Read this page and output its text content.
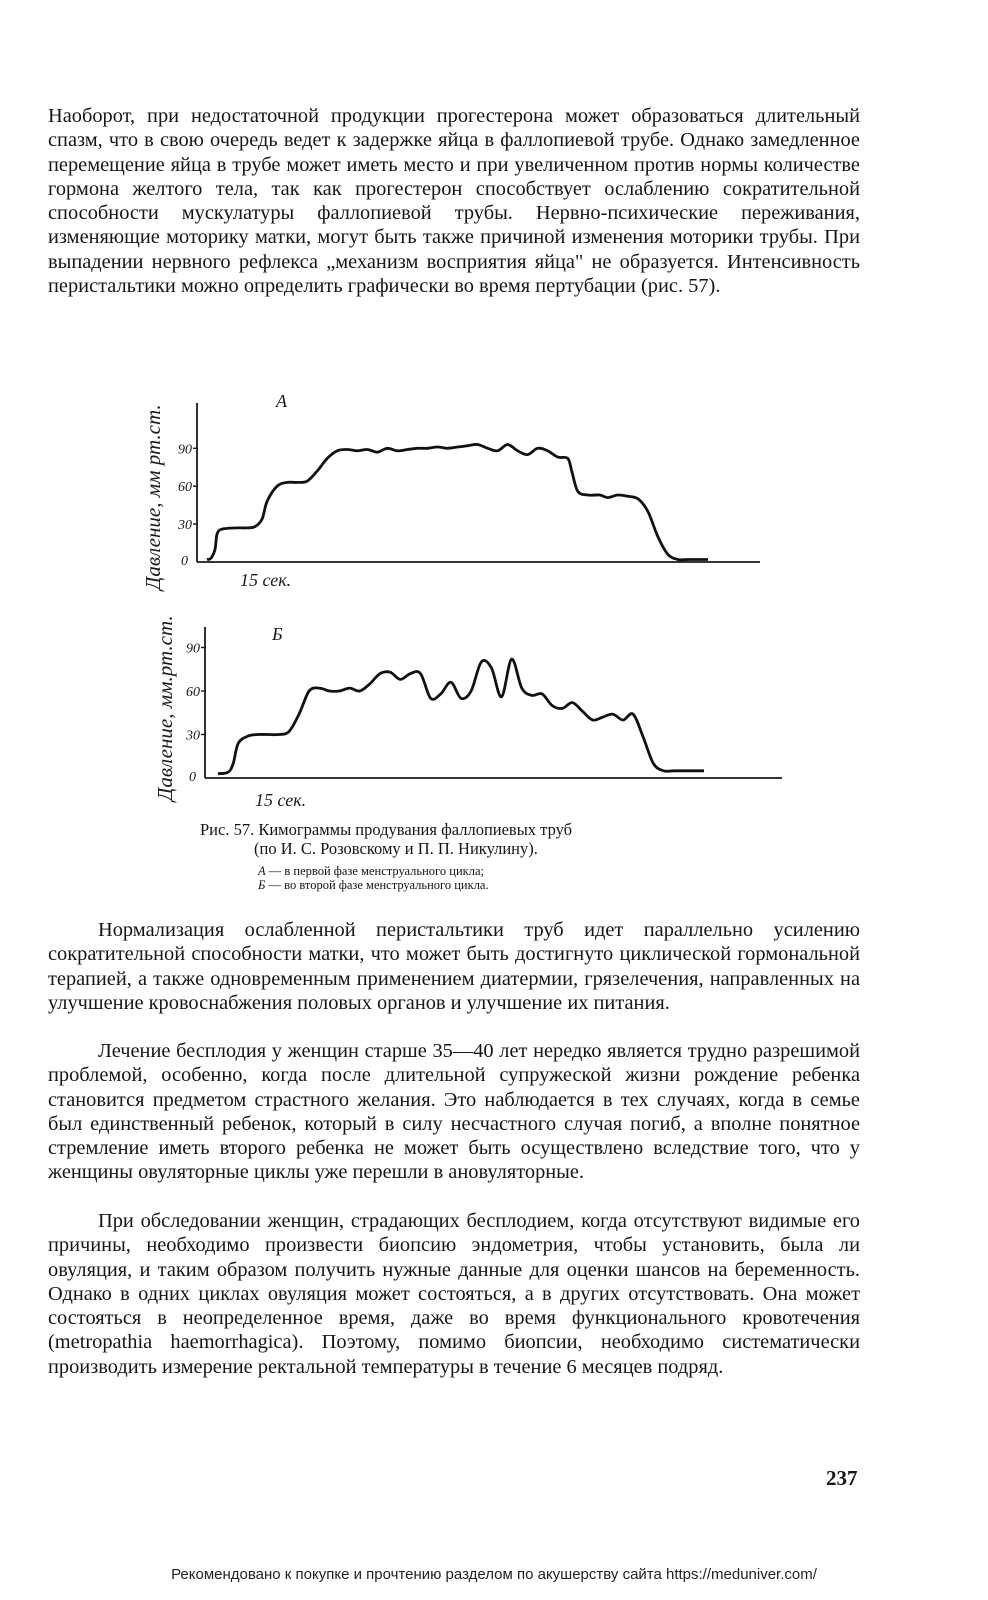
Наоборот, при недостаточной продукции прогестерона может образоваться длительный спазм, что в свою очередь ведет к задержке яйца в фаллопиевой трубе. Однако замедленное перемещение яйца в трубе может иметь место и при увеличенном против нормы количестве гормона желтого тела, так как прогестерон способствует ослаблению сократительной способности мускулатуры фаллопиевой трубы. Нервно-психические переживания, изменяющие моторику матки, могут быть также причиной изменения моторики трубы. При выпадении нервного рефлекса „механизм восприятия яйца" не образуется. Интенсивность перистальтики можно определить графически во время пертубации (рис. 57).

Давление, мм рт.ст. 0
30
60
90
А
15 сек.
Давление, мм.рт.ст. 0
30
60
90
Б
15 сек.
Рис. 57. Кимограммы продувания фаллопиевых труб
(по И. С. Розовскому и П. П. Никулину).
А — в первой фазе менструального цикла;
Б — во второй фазе менструального цикла.

Нормализация ослабленной перистальтики труб идет параллельно усилению сократительной способности матки, что может быть достигнуто циклической гормональной терапией, а также одновременным применением диатермии, грязелечения, направленных на улучшение кровоснабжения половых органов и улучшение их питания.

Лечение бесплодия у женщин старше 35—40 лет нередко является трудно разрешимой проблемой, особенно, когда после длительной супружеской жизни рождение ребенка становится предметом страстного желания. Это наблюдается в тех случаях, когда в семье был единственный ребенок, который в силу несчастного случая погиб, а вполне понятное стремление иметь второго ребенка не может быть осуществлено вследствие того, что у женщины овуляторные циклы уже перешли в ановуляторные.

При обследовании женщин, страдающих бесплодием, когда отсутствуют видимые его причины, необходимо произвести биопсию эндометрия, чтобы установить, была ли овуляция, и таким образом получить нужные данные для оценки шансов на беременность. Однако в одних циклах овуляция может состояться, а в других отсутствовать. Она может состояться в неопределенное время, даже во время функционального кровотечения (metropathia haemorrhagica). Поэтому, помимо биопсии, необходимо систематически производить измерение ректальной температуры в течение 6 месяцев подряд.

237
Рекомендовано к покупке и прочтению разделом по акушерству сайта https://meduniver.com/
